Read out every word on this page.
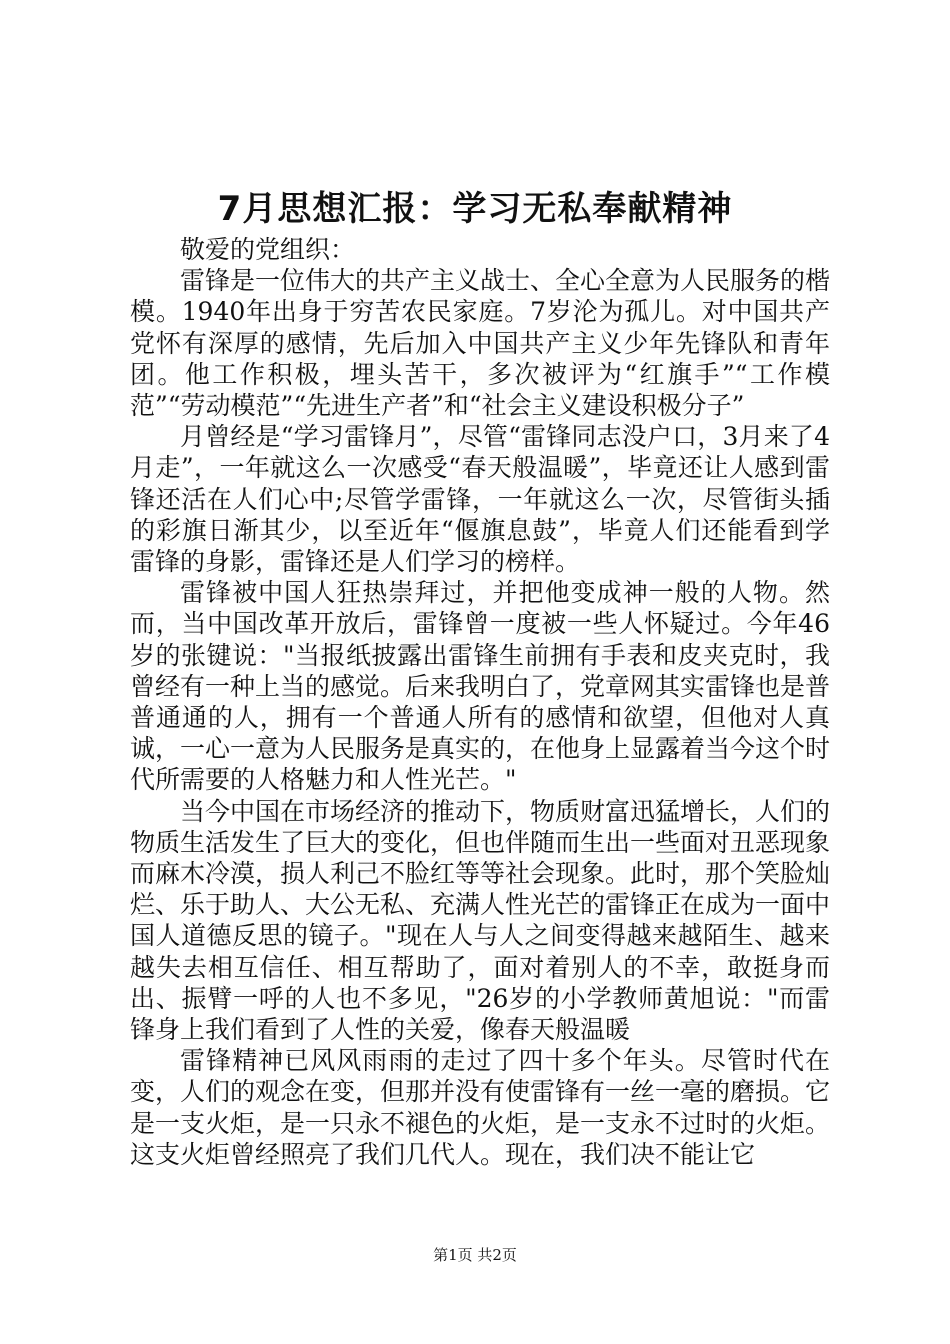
7月思想汇报：学习无私奉献精神

敬爱的党组织：

雷锋是一位伟大的共产主义战士、全心全意为人民服务的楷模。1940年出身于穷苦农民家庭。7岁沦为孤儿。对中国共产党怀有深厚的感情，先后加入中国共产主义少年先锋队和青年团。他工作积极，埋头苦干，多次被评为“红旗手”“工作模范”“劳动模范”“先进生产者”和“社会主义建设积极分子”

月曾经是“学习雷锋月”，尽管“雷锋同志没户口，3月来了4月走”，一年就这么一次感受“春天般温暖”，毕竟还让人感到雷锋还活在人们心中;尽管学雷锋，一年就这么一次，尽管街头插的彩旗日渐其少，以至近年“偃旗息鼓”，毕竟人们还能看到学雷锋的身影，雷锋还是人们学习的榜样。

雷锋被中国人狂热崇拜过，并把他变成神一般的人物。然而，当中国改革开放后，雷锋曾一度被一些人怀疑过。今年46岁的张键说："当报纸披露出雷锋生前拥有手表和皮夹克时，我曾经有一种上当的感觉。后来我明白了，党章网其实雷锋也是普普通通的人，拥有一个普通人所有的感情和欲望，但他对人真诚，一心一意为人民服务是真实的，在他身上显露着当今这个时代所需要的人格魅力和人性光芒。"

当今中国在市场经济的推动下，物质财富迅猛增长，人们的物质生活发生了巨大的变化，但也伴随而生出一些面对丑恶现象而麻木冷漠，损人利己不脸红等等社会现象。此时，那个笑脸灿烂、乐于助人、大公无私、充满人性光芒的雷锋正在成为一面中国人道德反思的镜子。"现在人与人之间变得越来越陌生、越来越失去相互信任、相互帮助了，面对着别人的不幸，敢挺身而出、振臂一呼的人也不多见，"26岁的小学教师黄旭说："而雷锋身上我们看到了人性的关爱，像春天般温暖

雷锋精神已风风雨雨的走过了四十多个年头。尽管时代在变，人们的观念在变，但那并没有使雷锋有一丝一毫的磨损。它是一支火炬，是一只永不褪色的火炬，是一支永不过时的火炬。这支火炬曾经照亮了我们几代人。现在，我们决不能让它

第1页 共2页
